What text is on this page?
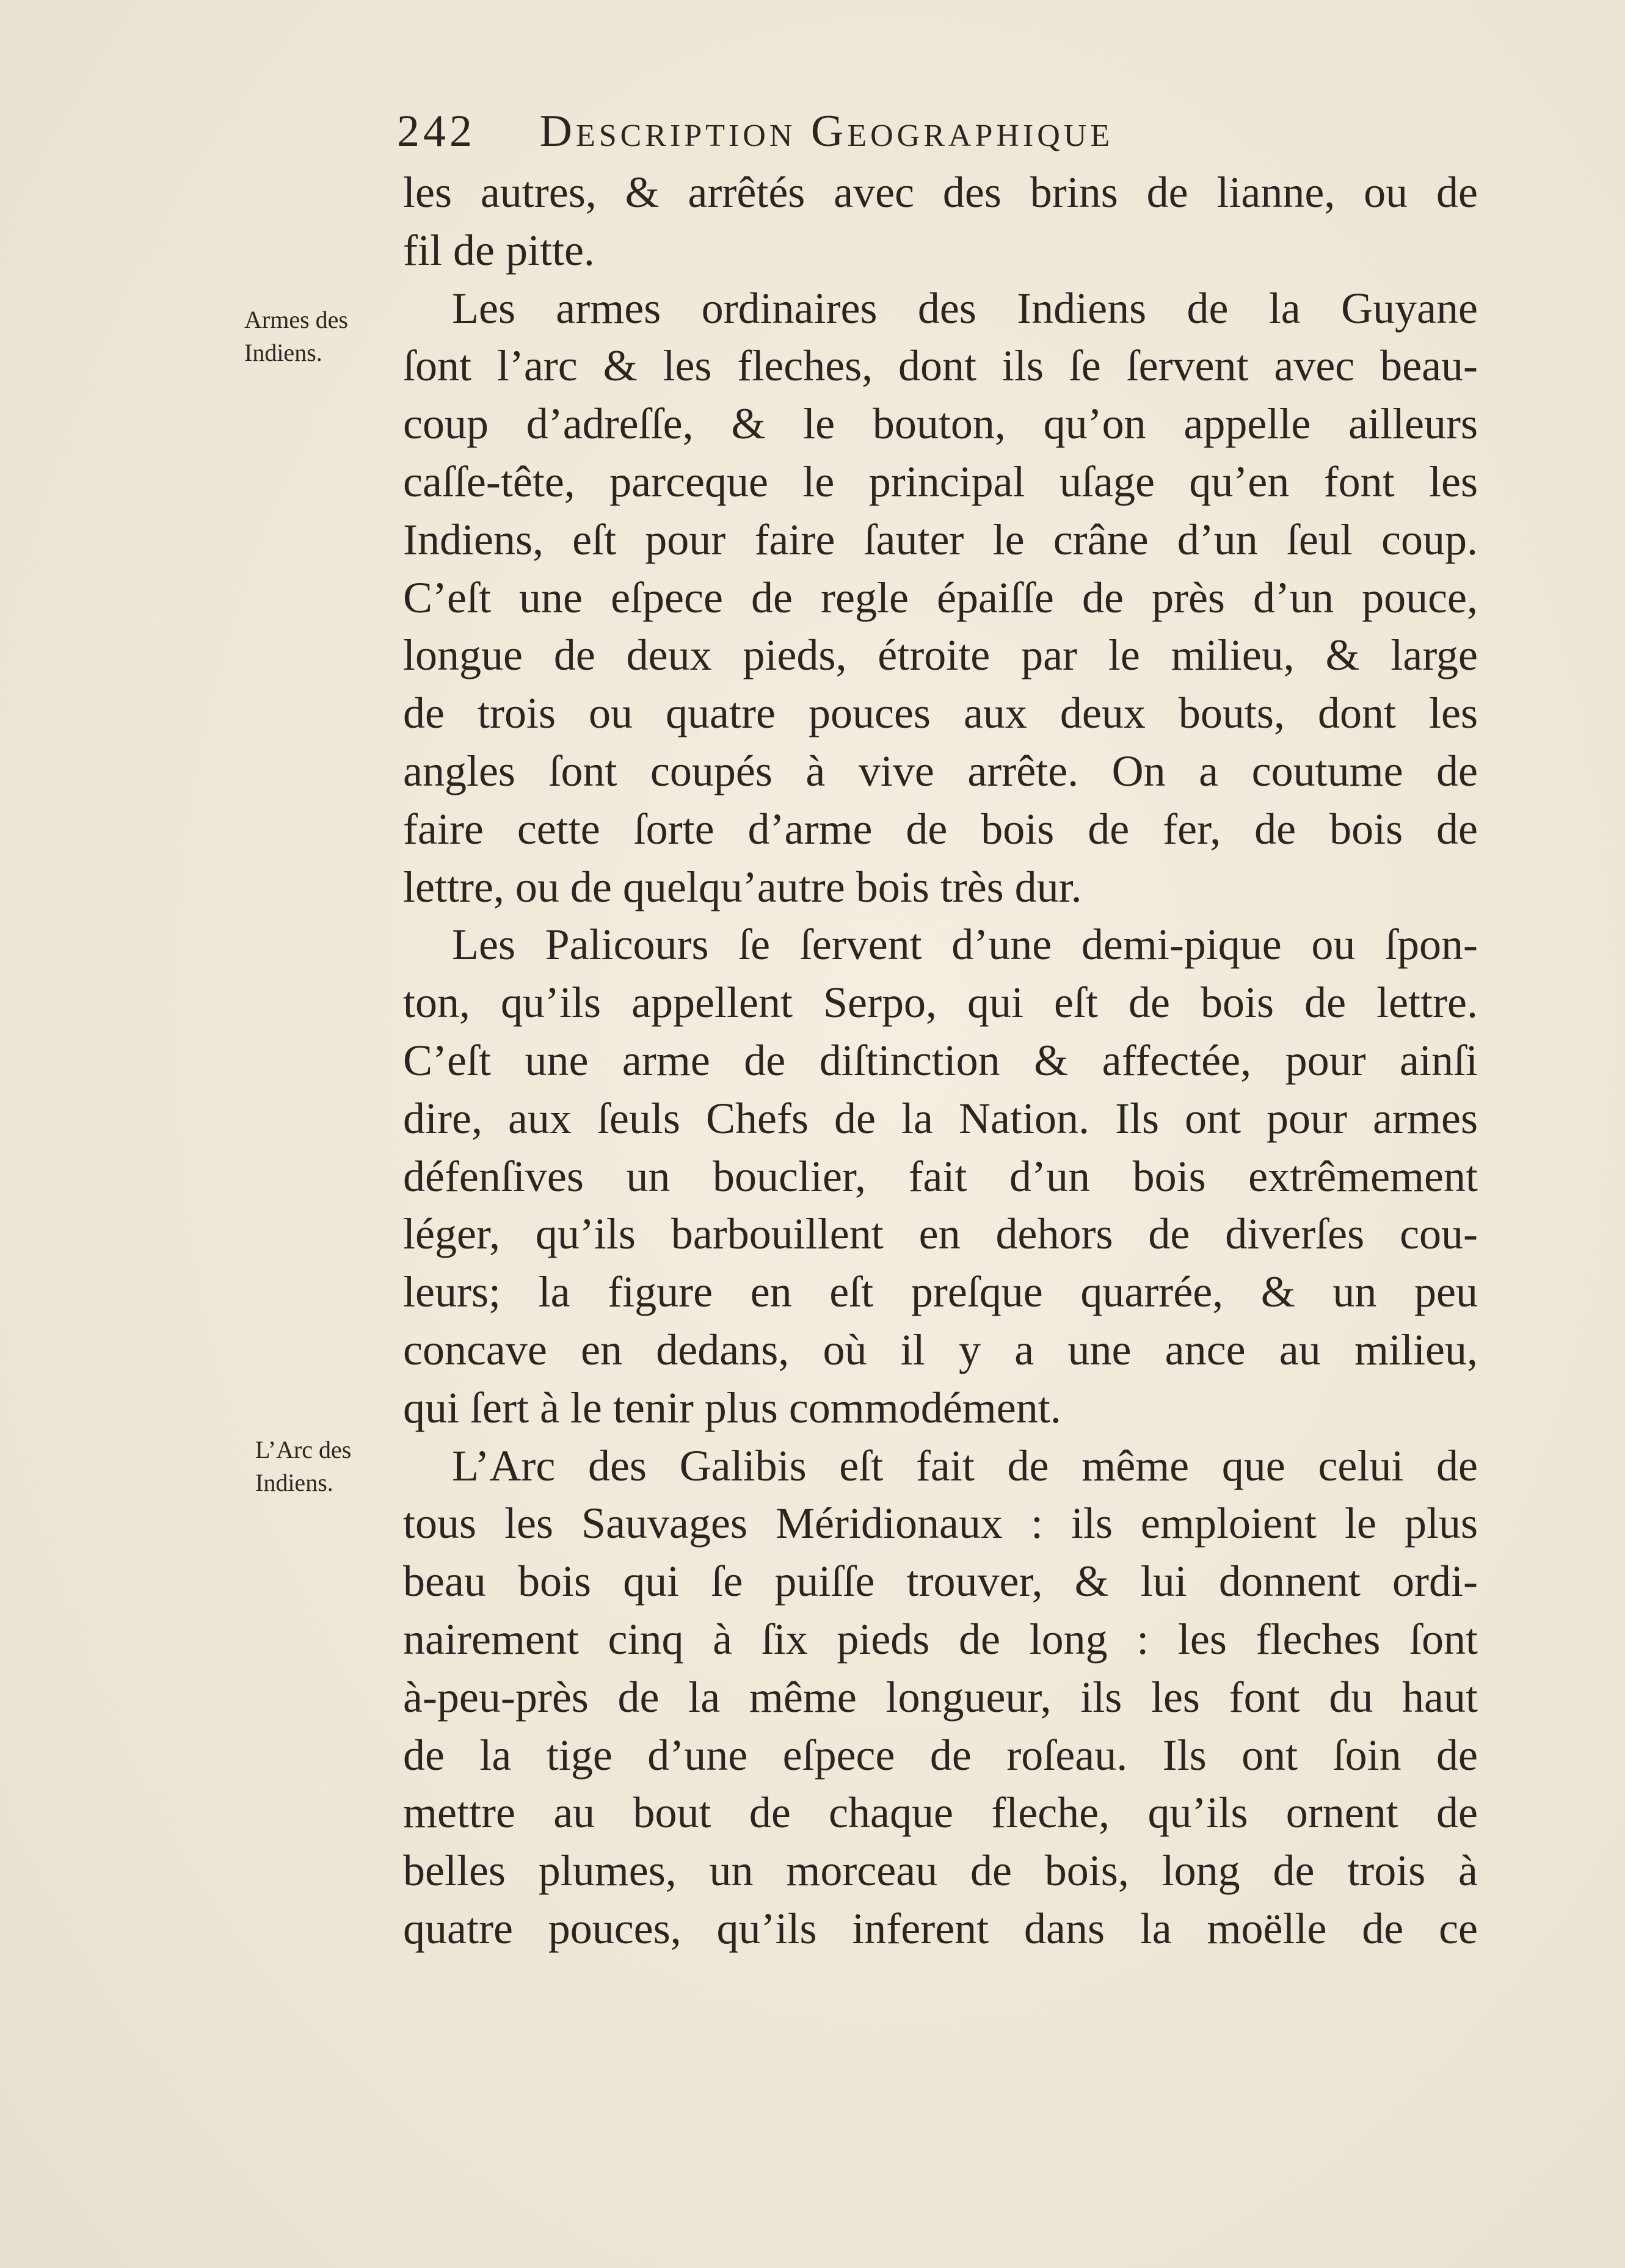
242 Description Geographique
Armes des
Indiens.
L’Arc des
Indiens.
les autres, & arrêtés avec des brins de lianne, ou de
fil de pitte.
Les armes ordinaires des Indiens de la Guyane
ſont l’arc & les fleches, dont ils ſe ſervent avec beau-
coup d’adreſſe, & le bouton, qu’on appelle ailleurs
caſſe-tête, parceque le principal uſage qu’en font les
Indiens, eſt pour faire ſauter le crâne d’un ſeul coup.
C’eſt une eſpece de regle épaiſſe de près d’un pouce,
longue de deux pieds, étroite par le milieu, & large
de trois ou quatre pouces aux deux bouts, dont les
angles ſont coupés à vive arrête. On a coutume de
faire cette ſorte d’arme de bois de fer, de bois de
lettre, ou de quelqu’autre bois très dur.
Les Palicours ſe ſervent d’une demi-pique ou ſpon-
ton, qu’ils appellent Serpo, qui eſt de bois de lettre.
C’eſt une arme de diſtinction & affectée, pour ainſi
dire, aux ſeuls Chefs de la Nation. Ils ont pour armes
défenſives un bouclier, fait d’un bois extrêmement
léger, qu’ils barbouillent en dehors de diverſes cou-
leurs; la figure en eſt preſque quarrée, & un peu
concave en dedans, où il y a une ance au milieu,
qui ſert à le tenir plus commodément.
L’Arc des Galibis eſt fait de même que celui de
tous les Sauvages Méridionaux : ils emploient le plus
beau bois qui ſe puiſſe trouver, & lui donnent ordi-
nairement cinq à ſix pieds de long : les fleches ſont
à-peu-près de la même longueur, ils les font du haut
de la tige d’une eſpece de roſeau. Ils ont ſoin de
mettre au bout de chaque fleche, qu’ils ornent de
belles plumes, un morceau de bois, long de trois à
quatre pouces, qu’ils inferent dans la moëlle de ce
